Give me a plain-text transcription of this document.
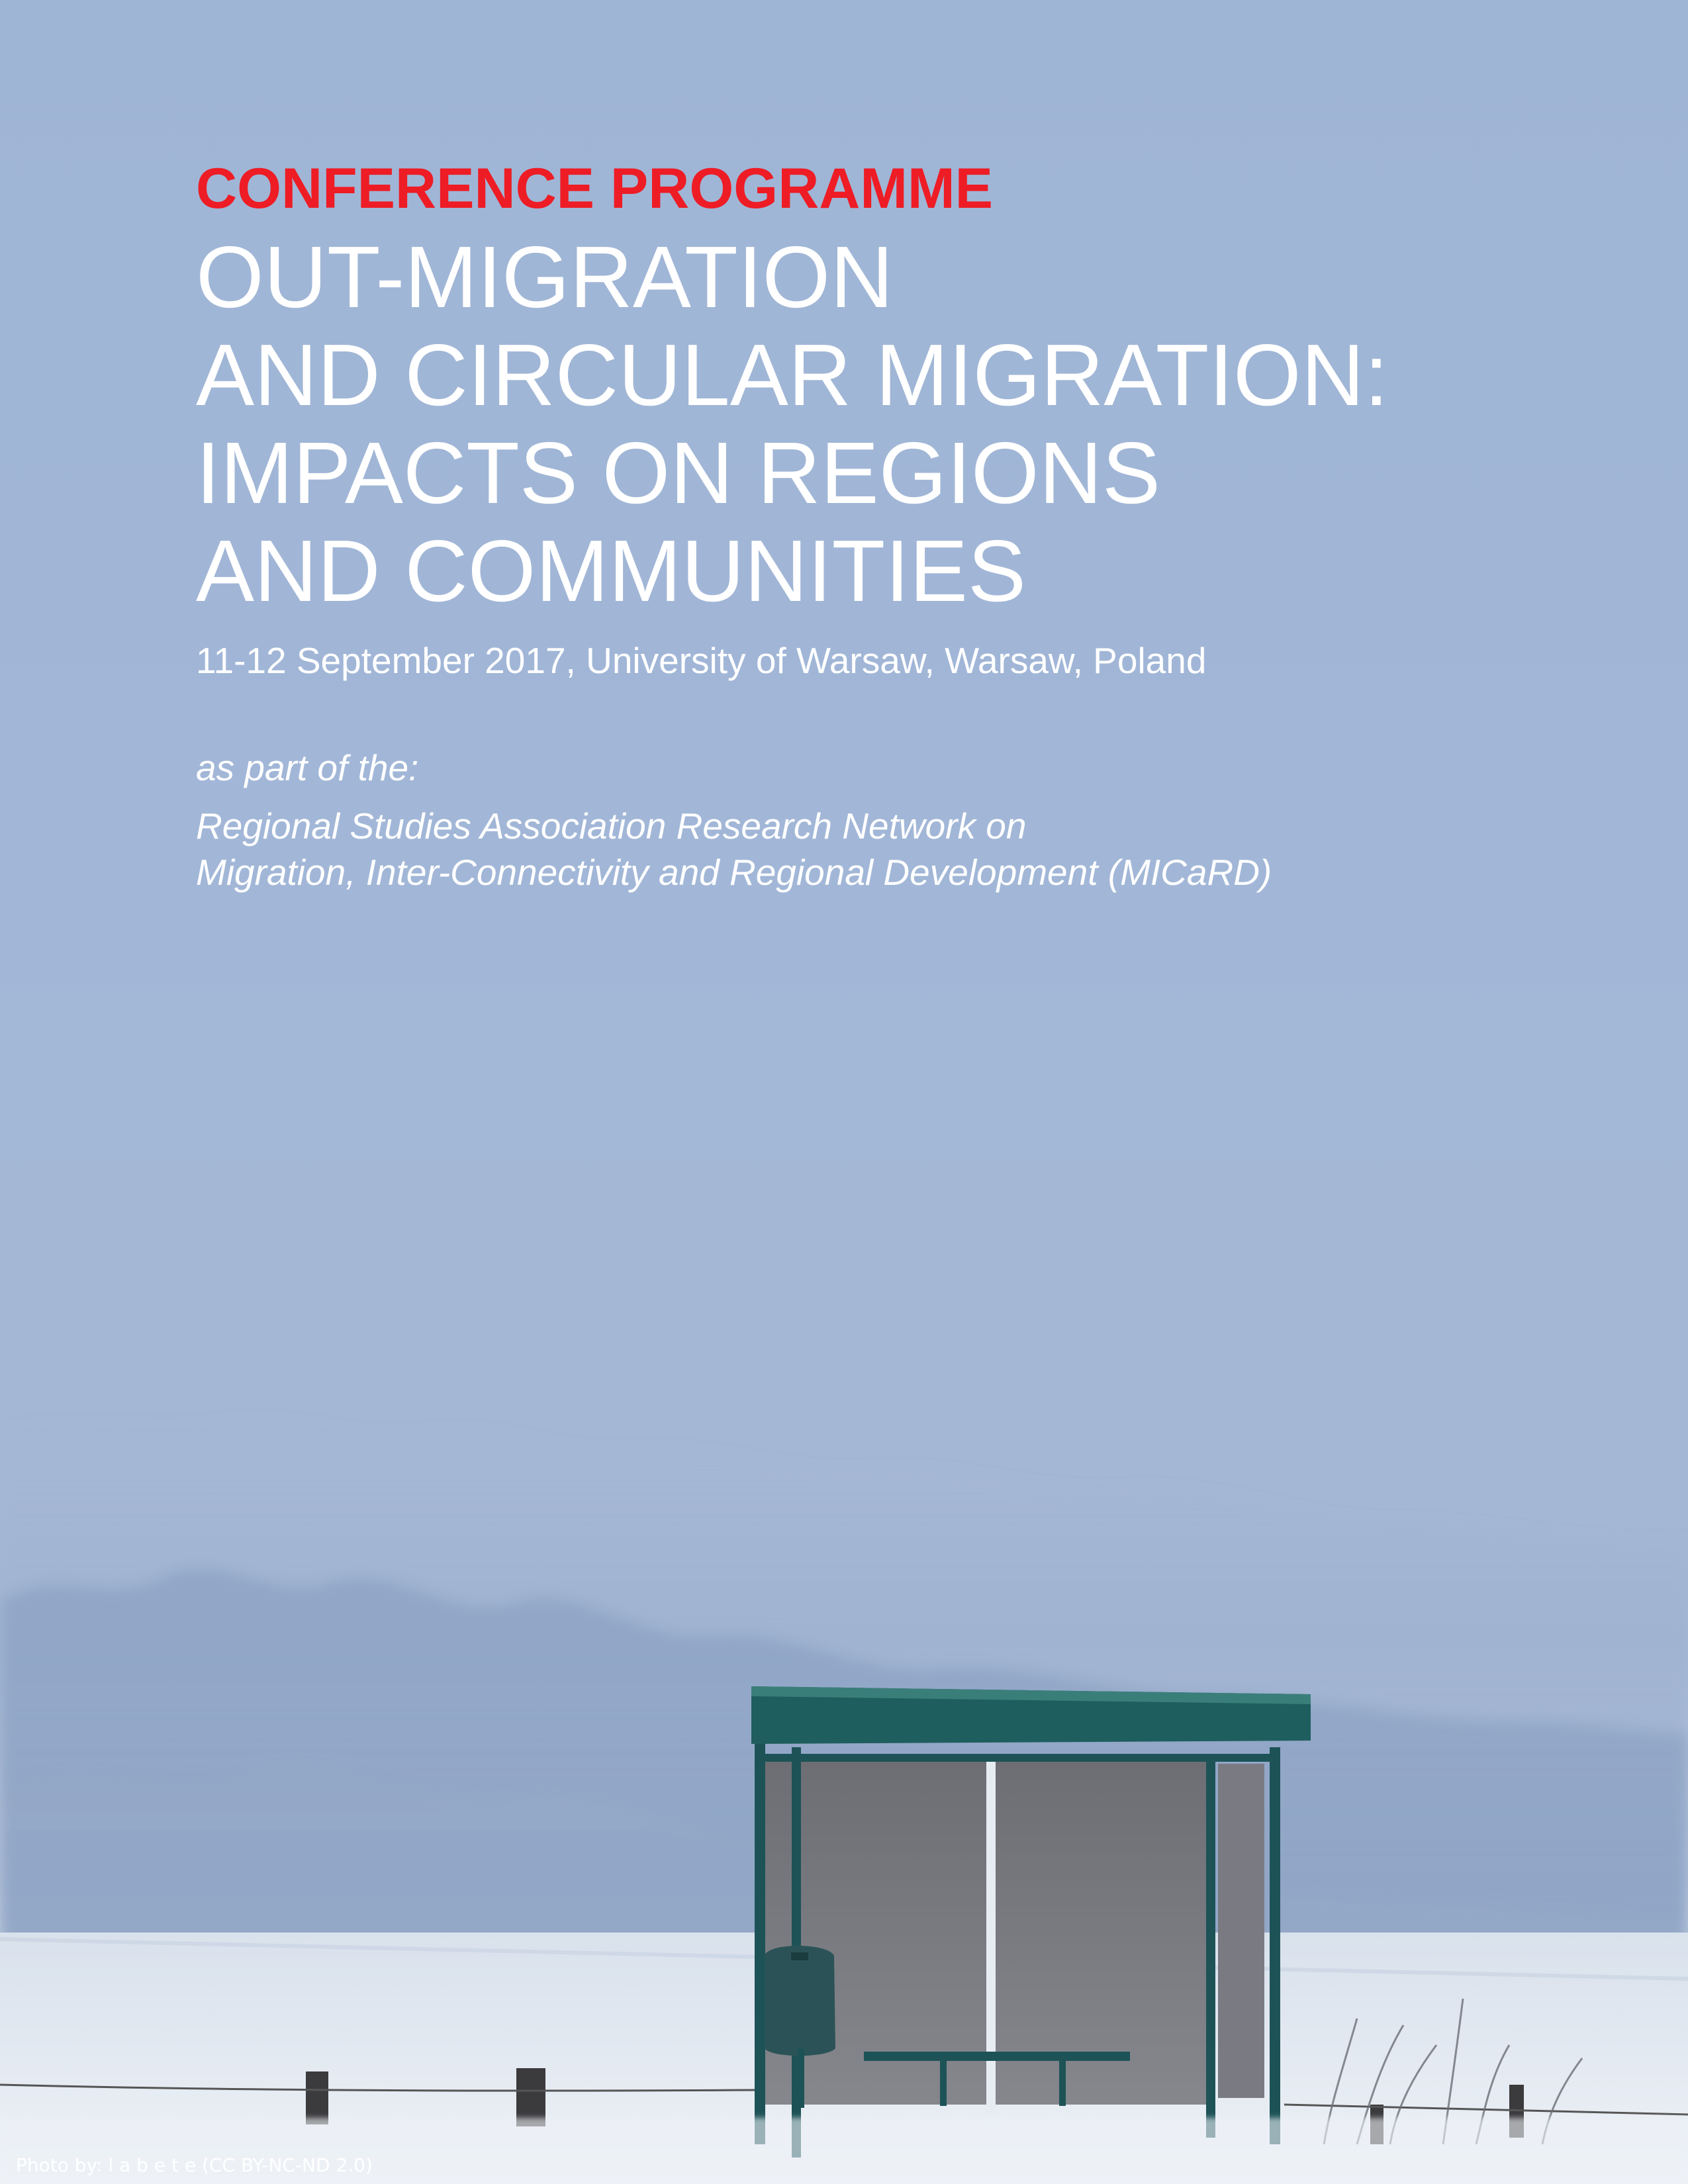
CONFERENCE PROGRAMME

OUT-MIGRATION
AND CIRCULAR MIGRATION:
IMPACTS ON REGIONS
AND COMMUNITIES
11-12 September 2017, University of Warsaw, Warsaw, Poland
as part of the:
Regional Studies Association Research Network on
Migration, Inter-Connectivity and Regional Development (MICaRD)
Photo by: l a b e t e (CC BY-NC-ND 2.0)
